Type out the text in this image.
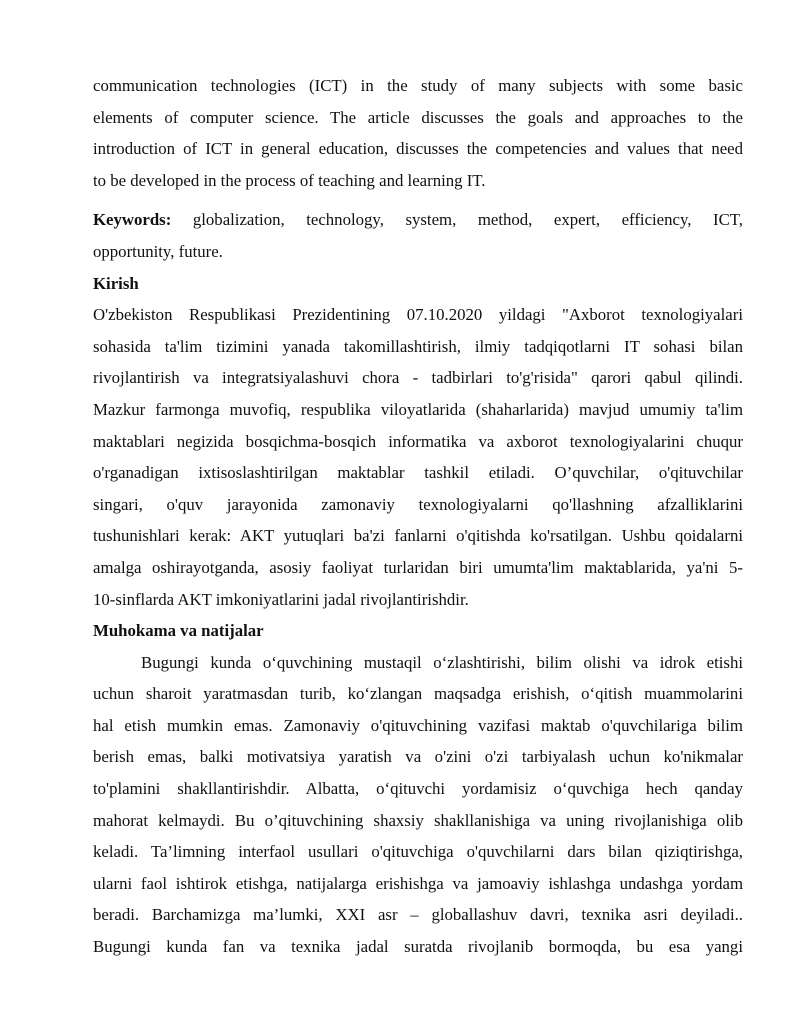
communication technologies (ICT) in the study of many subjects with some basic
elements of computer science. The article discusses the goals and approaches to the
introduction of ICT in general education, discusses the competencies and values that need
to be developed in the process of teaching and learning IT.
Keywords: globalization, technology, system, method, expert, efficiency, ICT,
opportunity, future.
Kirish
O'zbekiston Respublikasi Prezidentining 07.10.2020 yildagi "Axborot texnologiyalari
sohasida ta'lim tizimini yanada takomillashtirish, ilmiy tadqiqotlarni IT sohasi bilan
rivojlantirish va integratsiyalashuvi chora - tadbirlari to'g'risida" qarori qabul qilindi.
Mazkur farmonga muvofiq, respublika viloyatlarida (shaharlarida) mavjud umumiy ta'lim
maktablari negizida bosqichma-bosqich informatika va axborot texnologiyalarini chuqur
o'rganadigan ixtisoslashtirilgan maktablar tashkil etiladi. O’quvchilar, o'qituvchilar
singari, o'quv jarayonida zamonaviy texnologiyalarni qo'llashning afzalliklarini
tushunishlari kerak: AKT yutuqlari ba'zi fanlarni o'qitishda ko'rsatilgan. Ushbu qoidalarni
amalga oshirayotganda, asosiy faoliyat turlaridan biri umumta'lim maktablarida, ya'ni 5-
10-sinflarda AKT imkoniyatlarini jadal rivojlantirishdir.
Muhokama va natijalar
Bugungi kunda o‘quvchining mustaqil o‘zlashtirishi, bilim olishi va idrok etishi
uchun sharoit yaratmasdan turib, ko‘zlangan maqsadga erishish, o‘qitish muammolarini
hal etish mumkin emas. Zamonaviy o'qituvchining vazifasi maktab o'quvchilariga bilim
berish emas, balki motivatsiya yaratish va o'zini o'zi tarbiyalash uchun ko'nikmalar
to'plamini shakllantirishdir. Albatta, o‘qituvchi yordamisiz o‘quvchiga hech qanday
mahorat kelmaydi. Bu o’qituvchining shaxsiy shakllanishiga va uning rivojlanishiga olib
keladi. Ta’limning interfaol usullari o'qituvchiga o'quvchilarni dars bilan qiziqtirishga,
ularni faol ishtirok etishga, natijalarga erishishga va jamoaviy ishlashga undashga yordam
beradi. Barchamizga ma’lumki, XXI asr – globallashuv davri, texnika asri deyiladi..
Bugungi kunda fan va texnika jadal suratda rivojlanib bormoqda, bu esa yangi
